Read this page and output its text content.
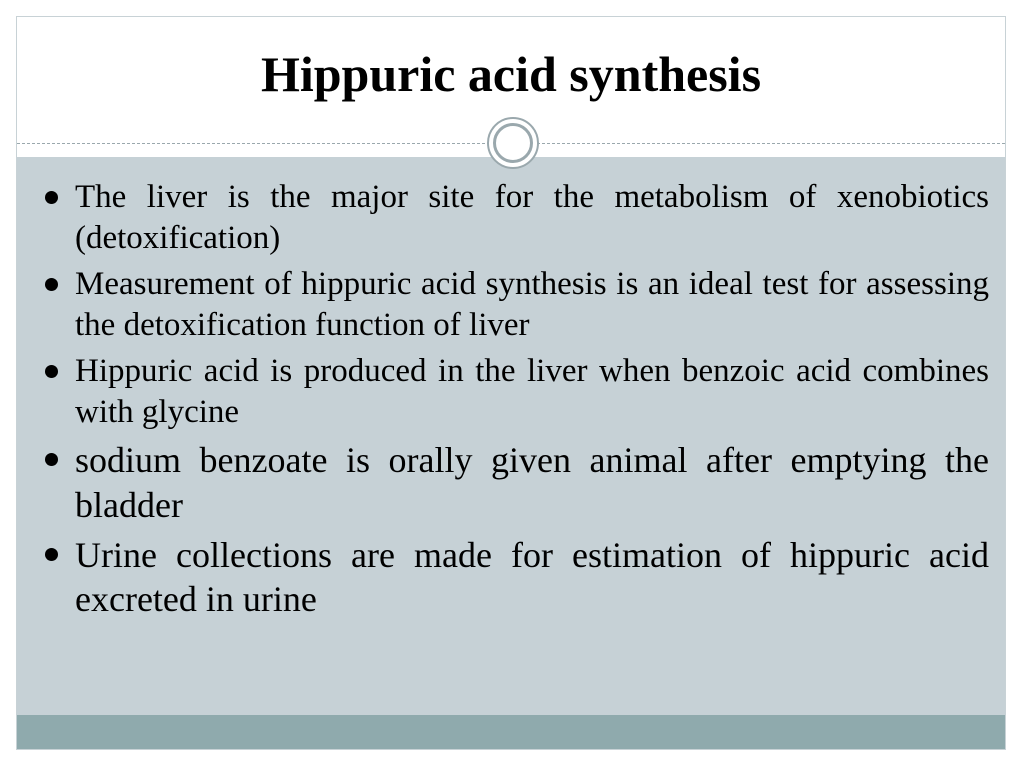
Hippuric acid synthesis
The liver is the major site for the metabolism of xenobiotics (detoxification)
Measurement of hippuric acid synthesis is an ideal test for assessing the detoxification function of liver
Hippuric acid is produced in the liver when benzoic acid combines with glycine
sodium benzoate is orally given animal after emptying the bladder
Urine collections are made for estimation of hippuric acid excreted in urine
